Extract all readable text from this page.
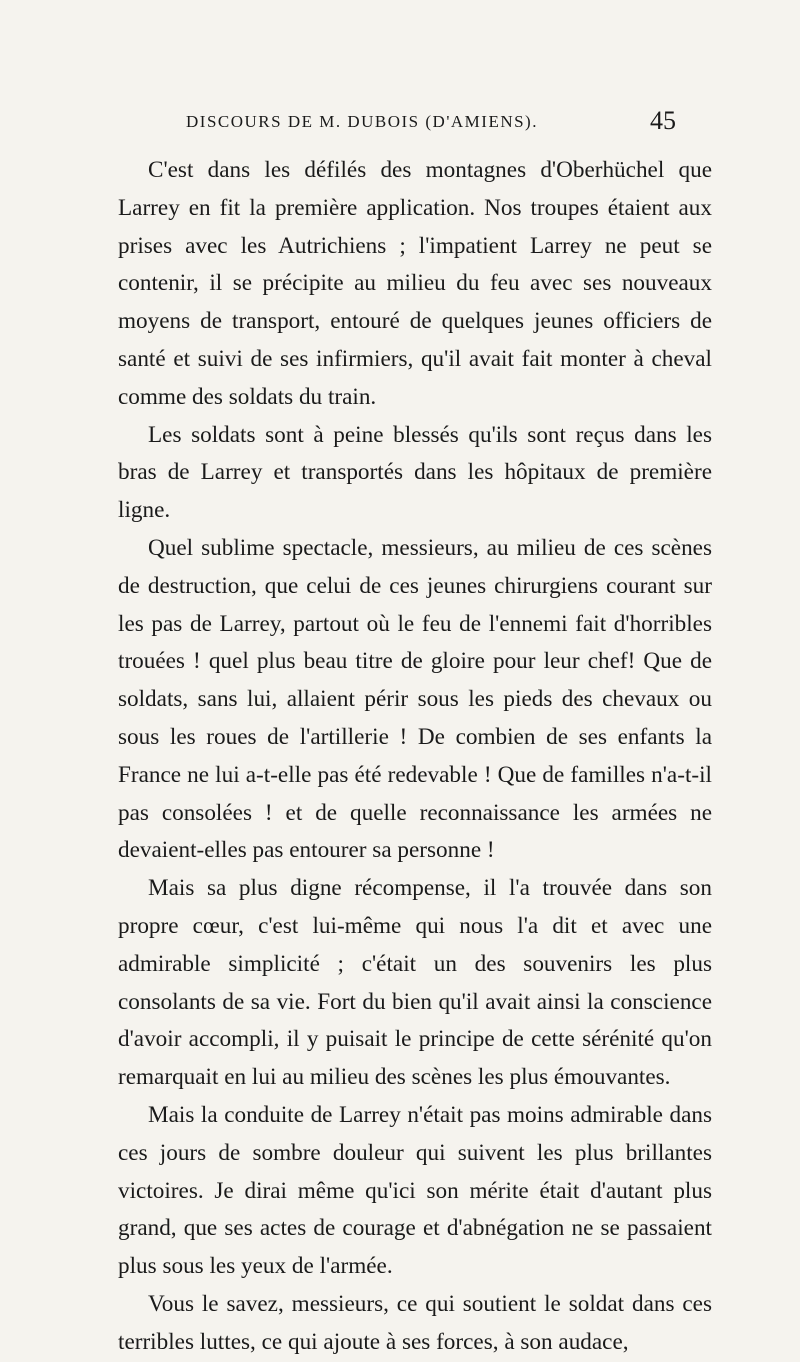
DISCOURS DE M. DUBOIS (D'AMIENS).	45

C'est dans les défilés des montagnes d'Oberhüchel que Larrey en fit la première application. Nos troupes étaient aux prises avec les Autrichiens ; l'impatient Larrey ne peut se contenir, il se précipite au milieu du feu avec ses nouveaux moyens de transport, entouré de quelques jeunes officiers de santé et suivi de ses infirmiers, qu'il avait fait monter à cheval comme des soldats du train.

Les soldats sont à peine blessés qu'ils sont reçus dans les bras de Larrey et transportés dans les hôpitaux de première ligne.

Quel sublime spectacle, messieurs, au milieu de ces scènes de destruction, que celui de ces jeunes chirurgiens courant sur les pas de Larrey, partout où le feu de l'ennemi fait d'horribles trouées ! quel plus beau titre de gloire pour leur chef! Que de soldats, sans lui, allaient périr sous les pieds des chevaux ou sous les roues de l'artillerie ! De combien de ses enfants la France ne lui a-t-elle pas été redevable ! Que de familles n'a-t-il pas consolées ! et de quelle reconnaissance les armées ne devaient-elles pas entourer sa personne !

Mais sa plus digne récompense, il l'a trouvée dans son propre cœur, c'est lui-même qui nous l'a dit et avec une admirable simplicité ; c'était un des souvenirs les plus consolants de sa vie. Fort du bien qu'il avait ainsi la conscience d'avoir accompli, il y puisait le principe de cette sérénité qu'on remarquait en lui au milieu des scènes les plus émouvantes.

Mais la conduite de Larrey n'était pas moins admirable dans ces jours de sombre douleur qui suivent les plus brillantes victoires. Je dirai même qu'ici son mérite était d'autant plus grand, que ses actes de courage et d'abnégation ne se passaient plus sous les yeux de l'armée.

Vous le savez, messieurs, ce qui soutient le soldat dans ces terribles luttes, ce qui ajoute à ses forces, à son audace,
